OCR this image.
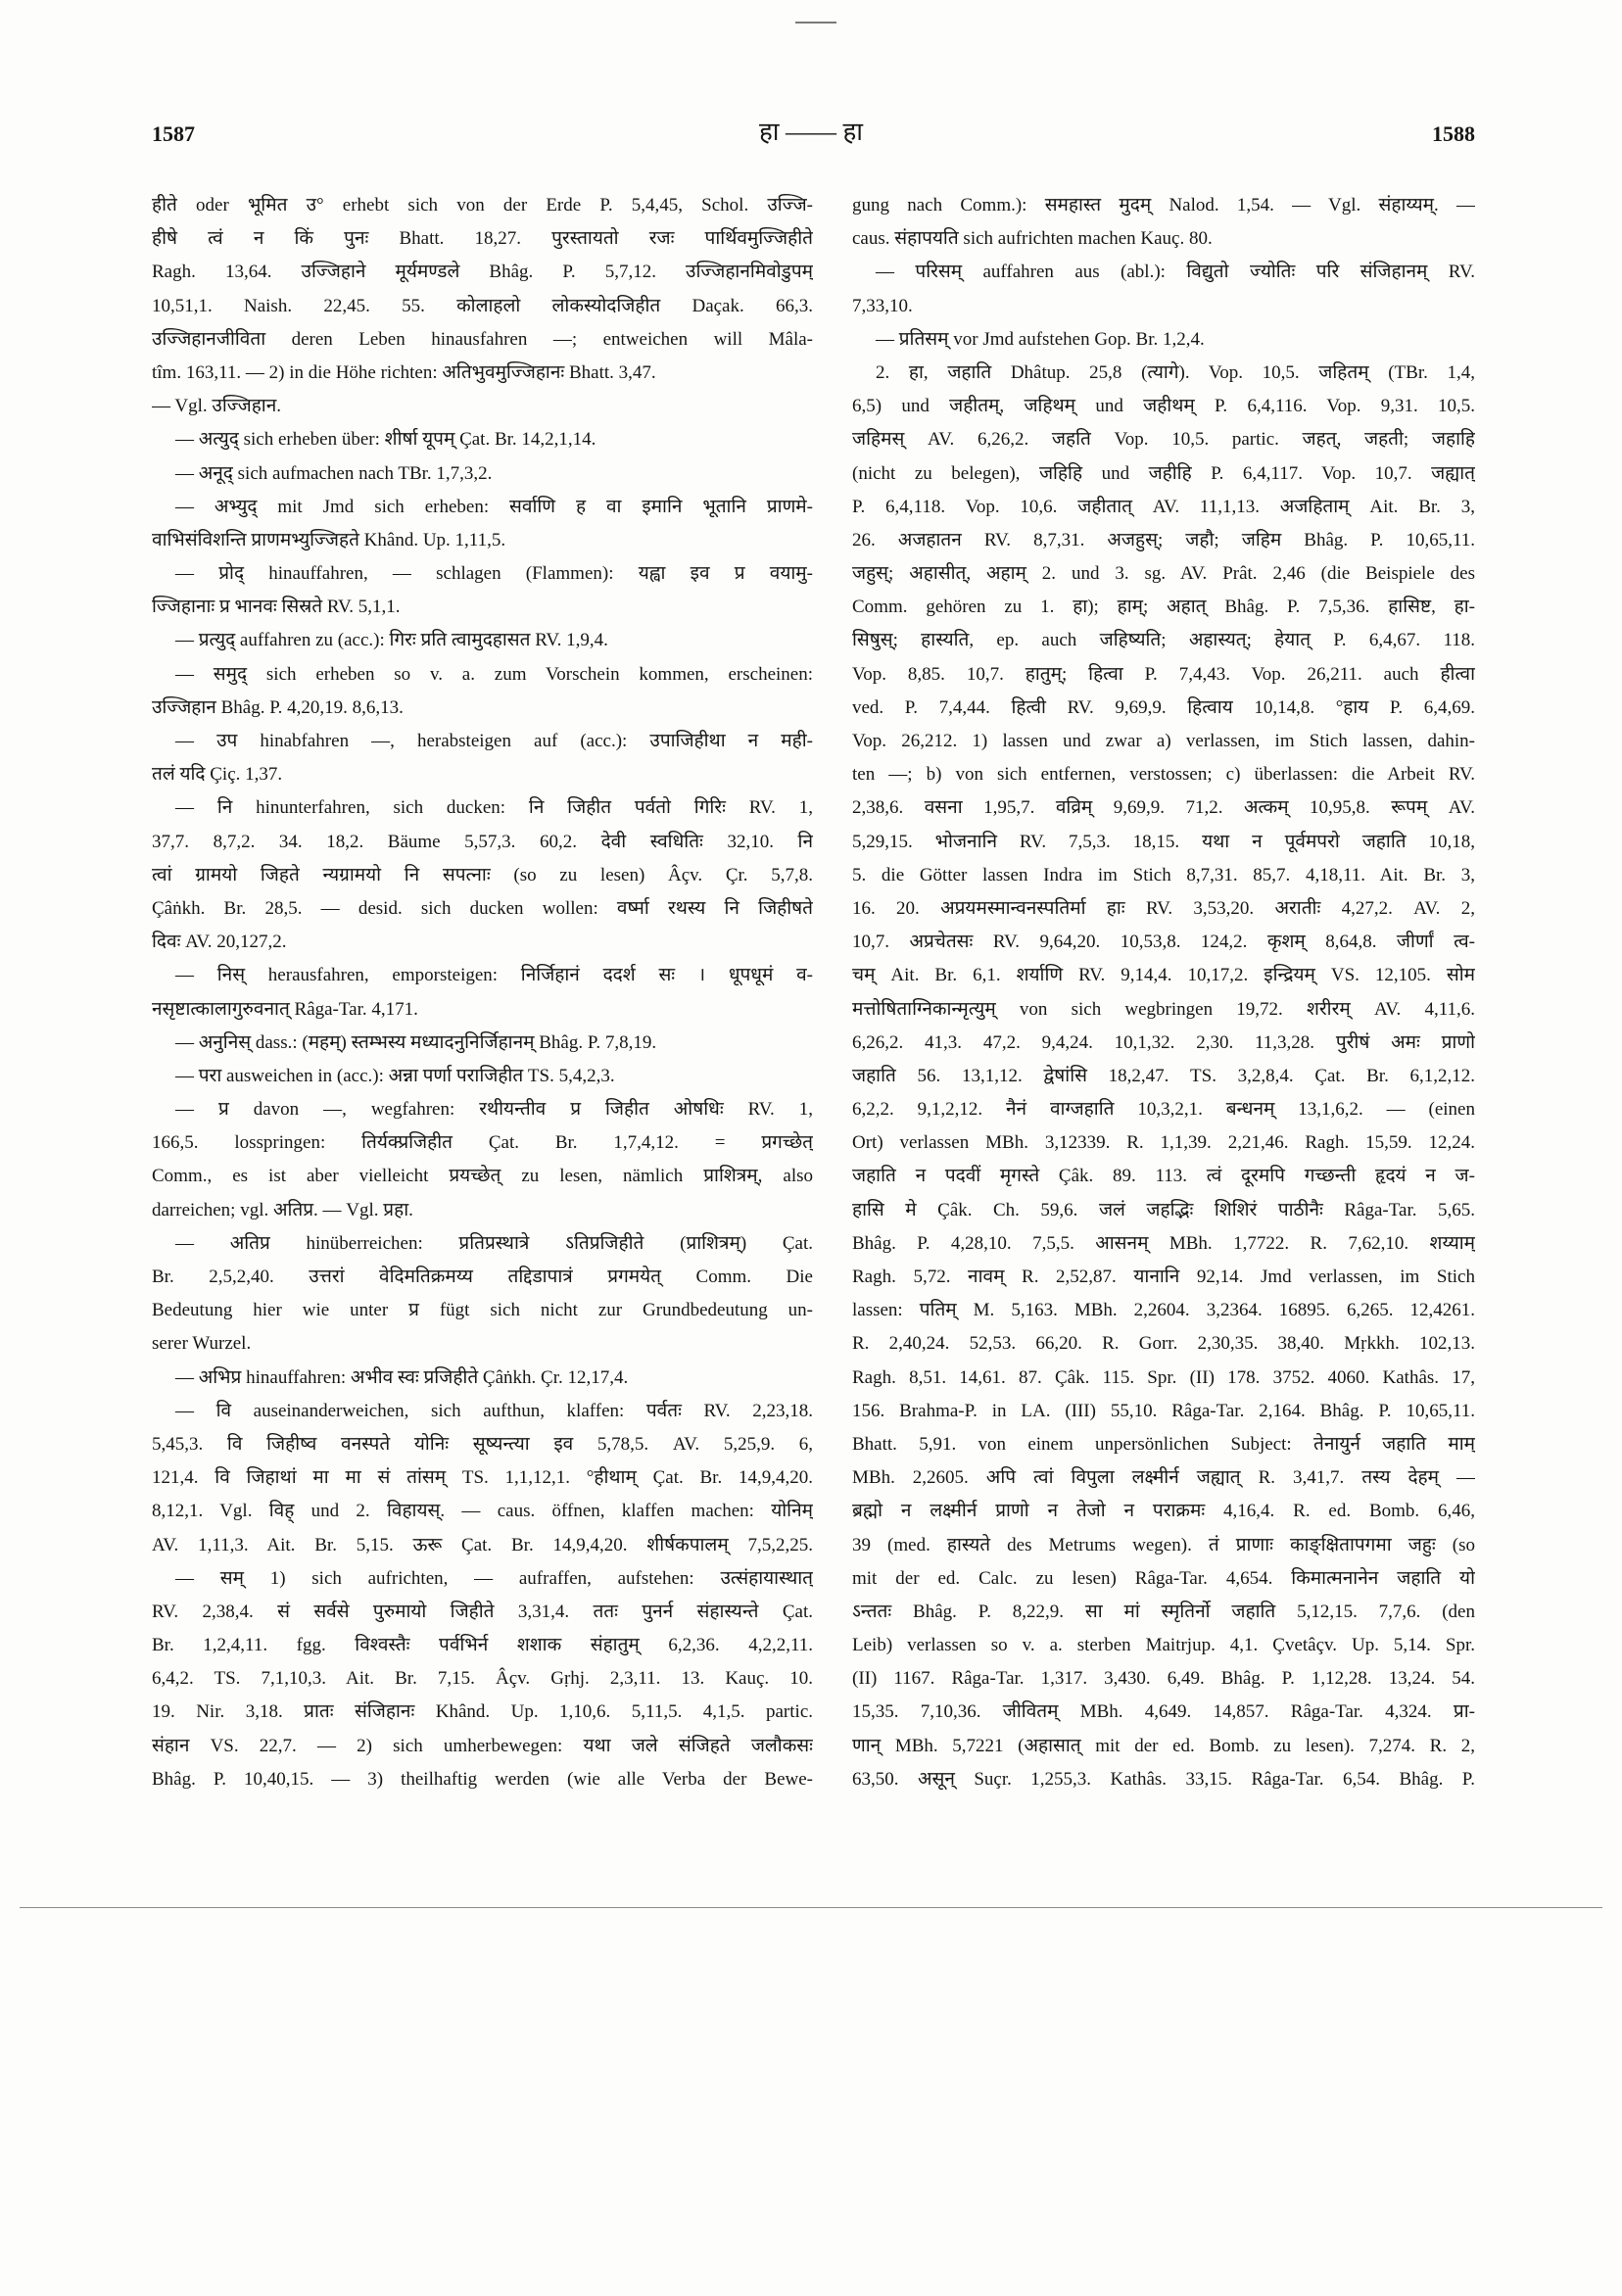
1587	हा —— हा	1588
हीते oder भूमित उ° erhebt sich von der Erde P. 5,4,45, Schol. उज्जि-
हीषे त्वं न किं पुनः Bhatt. 18,27. पुरस्तायतो रजः पार्थिवमुज्जिहीते
Ragh. 13,64. उज्जिहाने मूर्यमण्डले Bhâg. P. 5,7,12. उज्जिहानमिवोडुपम्
10,51,1. Naish. 22,45. 55. कोलाहलो लोकस्योदजिहीत Daçak. 66,3.
उज्जिहानजीविता deren Leben hinausfahren —; entweichen will Mâla-
tîm. 163,11. — 2) in die Höhe richten: अतिभुवमुज्जिहानः Bhatt. 3,47.
— Vgl. उज्जिहान.
— अत्युद् sich erheben über: शीर्षा यूपम् Çat. Br. 14,2,1,14.
— अनूद् sich aufmachen nach TBr. 1,7,3,2.
— अभ्युद् mit Jmd sich erheben: सर्वाणि ह वा इमानि भूतानि प्राणमे-
वाभिसंविशन्ति प्राणमभ्युज्जिहते Khând. Up. 1,11,5.
— प्रोद् hinauffahren, — schlagen (Flammen): यह्वा इव प्र वयामु-
ज्जिहानाः प्र भानवः सिस्रते RV. 5,1,1.
— प्रत्युद् auffahren zu (acc.): गिरः प्रति त्वामुदहासत RV. 1,9,4.
— समुद् sich erheben so v. a. zum Vorschein kommen, erscheinen:
उज्जिहान Bhâg. P. 4,20,19. 8,6,13.
— उप hinabfahren —, herabsteigen auf (acc.): उपाजिहीथा न मही-
तलं यदि Çiç. 1,37.
— नि hinunterfahren, sich ducken: नि जिहीत पर्वतो गिरिः RV. 1,
37,7. 8,7,2. 34. 18,2. Bäume 5,57,3. 60,2. देवी स्वधितिः 32,10. नि
त्वां ग्रामयो जिहते न्यग्रामयो नि सपत्नाः (so zu lesen) Âçv. Çr. 5,7,8.
Çâṅkh. Br. 28,5. — desid. sich ducken wollen: वर्ष्मा रथस्य नि जिहीषते
दिवः AV. 20,127,2.
— निस् herausfahren, emporsteigen: निर्जिहानं ददर्श सः । धूपधूमं व-
नसृष्टात्कालागुरुवनात् Râga-Tar. 4,171.
— अनुनिस् dass.: (महम्) स्तम्भस्य मध्यादनुनिर्जिहानम् Bhâg. P. 7,8,19.
— परा ausweichen in (acc.): अन्ना पर्णा पराजिहीत TS. 5,4,2,3.
— प्र davon —, wegfahren: रथीयन्तीव प्र जिहीत ओषधिः RV. 1,
166,5. losspringen: तिर्यक्प्रजिहीत Çat. Br. 1,7,4,12. = प्रगच्छेत्
Comm., es ist aber vielleicht प्रयच्छेत् zu lesen, nämlich प्राशित्रम्, also
darreichen; vgl. अतिप्र. — Vgl. प्रहा.
— अतिप्र hinüberreichen: प्रतिप्रस्थात्रे ऽतिप्रजिहीते (प्राशित्रम्) Çat.
Br. 2,5,2,40. उत्तरां वेदिमतिक्रमय्य तद्दिडापात्रं प्रगमयेत् Comm. Die
Bedeutung hier wie unter प्र fügt sich nicht zur Grundbedeutung un-
serer Wurzel.
— अभिप्र hinauffahren: अभीव स्वः प्रजिहीते Çâṅkh. Çr. 12,17,4.
— वि auseinanderweichen, sich aufthun, klaffen: पर्वतः RV. 2,23,18.
5,45,3. वि जिहीष्व वनस्पते योनिः सूष्यन्त्या इव 5,78,5. AV. 5,25,9. 6,
121,4. वि जिहाथां मा मा सं तांसम् TS. 1,1,12,1. °हीथाम् Çat. Br. 14,9,4,20.
8,12,1. Vgl. विह् und 2. विहायस्. — caus. öffnen, klaffen machen: योनिम्
AV. 1,11,3. Ait. Br. 5,15. ऊरू Çat. Br. 14,9,4,20. शीर्षकपालम् 7,5,2,25.
— सम् 1) sich aufrichten, — aufraffen, aufstehen: उत्संहायास्थात्
RV. 2,38,4. सं सर्वसे पुरुमायो जिहीते 3,31,4. ततः पुनर्न संहास्यन्ते Çat.
Br. 1,2,4,11. fgg. विश्वस्तैः पर्वभिर्न शशाक संहातुम् 6,2,36. 4,2,2,11.
6,4,2. TS. 7,1,10,3. Ait. Br. 7,15. Âçv. Gṛhj. 2,3,11. 13. Kauç. 10.
19. Nir. 3,18. प्रातः संजिहानः Khând. Up. 1,10,6. 5,11,5. 4,1,5. partic.
संहान VS. 22,7. — 2) sich umherbewegen: यथा जले संजिहते जलौकसः
Bhâg. P. 10,40,15. — 3) theilhaftig werden (wie alle Verba der Bewe-
gung nach Comm.): समहास्त मुदम् Nalod. 1,54. — Vgl. संहाय्यम्. —
caus. संहापयति sich aufrichten machen Kauç. 80.
— परिसम् auffahren aus (abl.): विद्युतो ज्योतिः परि संजिहानम् RV.
7,33,10.
— प्रतिसम् vor Jmd aufstehen Gop. Br. 1,2,4.
2. हा, जहाति Dhâtup. 25,8 (त्यागे). Vop. 10,5. जहितम् (TBr. 1,4,
6,5) und जहीतम्, जहिथम् und जहीथम् P. 6,4,116. Vop. 9,31. 10,5.
जहिमस् AV. 6,26,2. जहति Vop. 10,5. partic. जहत्, जहती; जहाहि
(nicht zu belegen), जहिहि und जहीहि P. 6,4,117. Vop. 10,7. जह्यात्
P. 6,4,118. Vop. 10,6. जहीतात् AV. 11,1,13. अजहिताम् Ait. Br. 3,
26. अजहातन RV. 8,7,31. अजहुस्; जहौ; जहिम Bhâg. P. 10,65,11.
जहुस्; अहासीत्, अहाम् 2. und 3. sg. AV. Prât. 2,46 (die Beispiele des
Comm. gehören zu 1. हा); हाम्; अहात् Bhâg. P. 7,5,36. हासिष्ट, हा-
सिषुस्; हास्यति, ep. auch जहिष्यति; अहास्यत्; हेयात् P. 6,4,67. 118.
Vop. 8,85. 10,7. हातुम्; हित्वा P. 7,4,43. Vop. 26,211. auch हीत्वा
ved. P. 7,4,44. हित्वी RV. 9,69,9. हित्वाय 10,14,8. °हाय P. 6,4,69.
Vop. 26,212. 1) lassen und zwar a) verlassen, im Stich lassen, dahin-
ten —; b) von sich entfernen, verstossen; c) überlassen: die Arbeit RV.
2,38,6. वसना 1,95,7. वव्रिम् 9,69,9. 71,2. अत्कम् 10,95,8. रूपम् AV.
5,29,15. भोजनानि RV. 7,5,3. 18,15. यथा न पूर्वमपरो जहाति 10,18,
5. die Götter lassen Indra im Stich 8,7,31. 85,7. 4,18,11. Ait. Br. 3,
16. 20. अप्रयमस्मान्वनस्पतिर्मा हाः RV. 3,53,20. अरातीः 4,27,2. AV. 2,
10,7. अप्रचेतसः RV. 9,64,20. 10,53,8. 124,2. कृशम् 8,64,8. जीर्णां त्व-
चम् Ait. Br. 6,1. शर्याणि RV. 9,14,4. 10,17,2. इन्द्रियम् VS. 12,105. सोम
मत्तोषिताग्निकान्मृत्युम् von sich wegbringen 19,72. शरीरम् AV. 4,11,6.
6,26,2. 41,3. 47,2. 9,4,24. 10,1,32. 2,30. 11,3,28. पुरीषं अमः प्राणो
जहाति 56. 13,1,12. द्वेषांसि 18,2,47. TS. 3,2,8,4. Çat. Br. 6,1,2,12.
6,2,2. 9,1,2,12. नैनं वाग्जहाति 10,3,2,1. बन्धनम् 13,1,6,2. — (einen
Ort) verlassen MBh. 3,12339. R. 1,1,39. 2,21,46. Ragh. 15,59. 12,24.
जहाति न पदवीं मृगस्ते Çâk. 89. 113. त्वं दूरमपि गच्छन्ती हृदयं न ज-
हासि मे Çâk. Ch. 59,6. जलं जहद्भिः शिशिरं पाठीनैः Râga-Tar. 5,65.
Bhâg. P. 4,28,10. 7,5,5. आसनम् MBh. 1,7722. R. 7,62,10. शय्याम्
Ragh. 5,72. नावम् R. 2,52,87. यानानि 92,14. Jmd verlassen, im Stich
lassen: पतिम् M. 5,163. MBh. 2,2604. 3,2364. 16895. 6,265. 12,4261.
R. 2,40,24. 52,53. 66,20. R. Gorr. 2,30,35. 38,40. Mṛkkh. 102,13.
Ragh. 8,51. 14,61. 87. Çâk. 115. Spr. (II) 178. 3752. 4060. Kathâs. 17,
156. Brahma-P. in LA. (III) 55,10. Râga-Tar. 2,164. Bhâg. P. 10,65,11.
Bhatt. 5,91. von einem unpersönlichen Subject: तेनायुर्न जहाति माम्
MBh. 2,2605. अपि त्वां विपुला लक्ष्मीर्न जह्यात् R. 3,41,7. तस्य देहम् —
ब्रह्मो न लक्ष्मीर्न प्राणो न तेजो न पराक्रमः 4,16,4. R. ed. Bomb. 6,46,
39 (med. हास्यते des Metrums wegen). तं प्राणाः काङ्क्षितापगमा जहुः (so
mit der ed. Calc. zu lesen) Râga-Tar. 4,654. किमात्मनानेन जहाति यो
ऽन्ततः Bhâg. P. 8,22,9. सा मां स्मृतिर्नो जहाति 5,12,15. 7,7,6. (den
Leib) verlassen so v. a. sterben Maitrjup. 4,1. Çvetâçv. Up. 5,14. Spr.
(II) 1167. Râga-Tar. 1,317. 3,430. 6,49. Bhâg. P. 1,12,28. 13,24. 54.
15,35. 7,10,36. जीवितम् MBh. 4,649. 14,857. Râga-Tar. 4,324. प्रा-
णान् MBh. 5,7221 (अहासात् mit der ed. Bomb. zu lesen). 7,274. R. 2,
63,50. असून् Suçr. 1,255,3. Kathâs. 33,15. Râga-Tar. 6,54. Bhâg. P.
